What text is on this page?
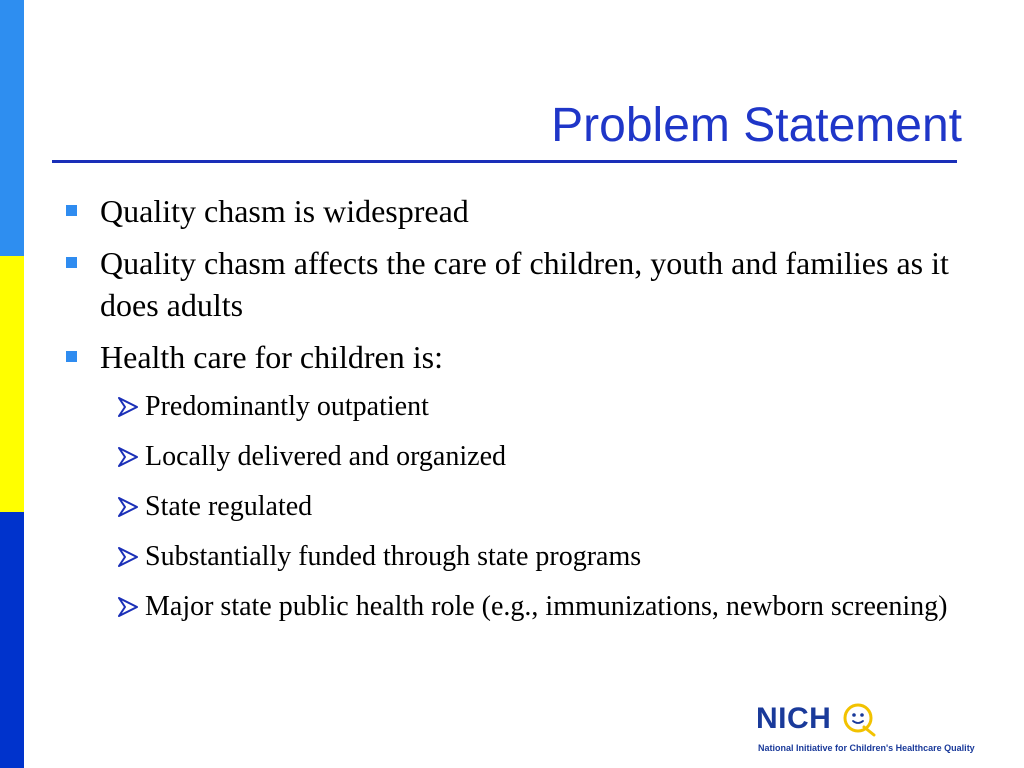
Problem Statement
Quality chasm is widespread
Quality chasm affects the care of children, youth and families as it does adults
Health care for children is:
Predominantly outpatient
Locally delivered and organized
State regulated
Substantially funded through state programs
Major state public health role (e.g., immunizations, newborn screening)
NICH
National Initiative for Children's Healthcare Quality
